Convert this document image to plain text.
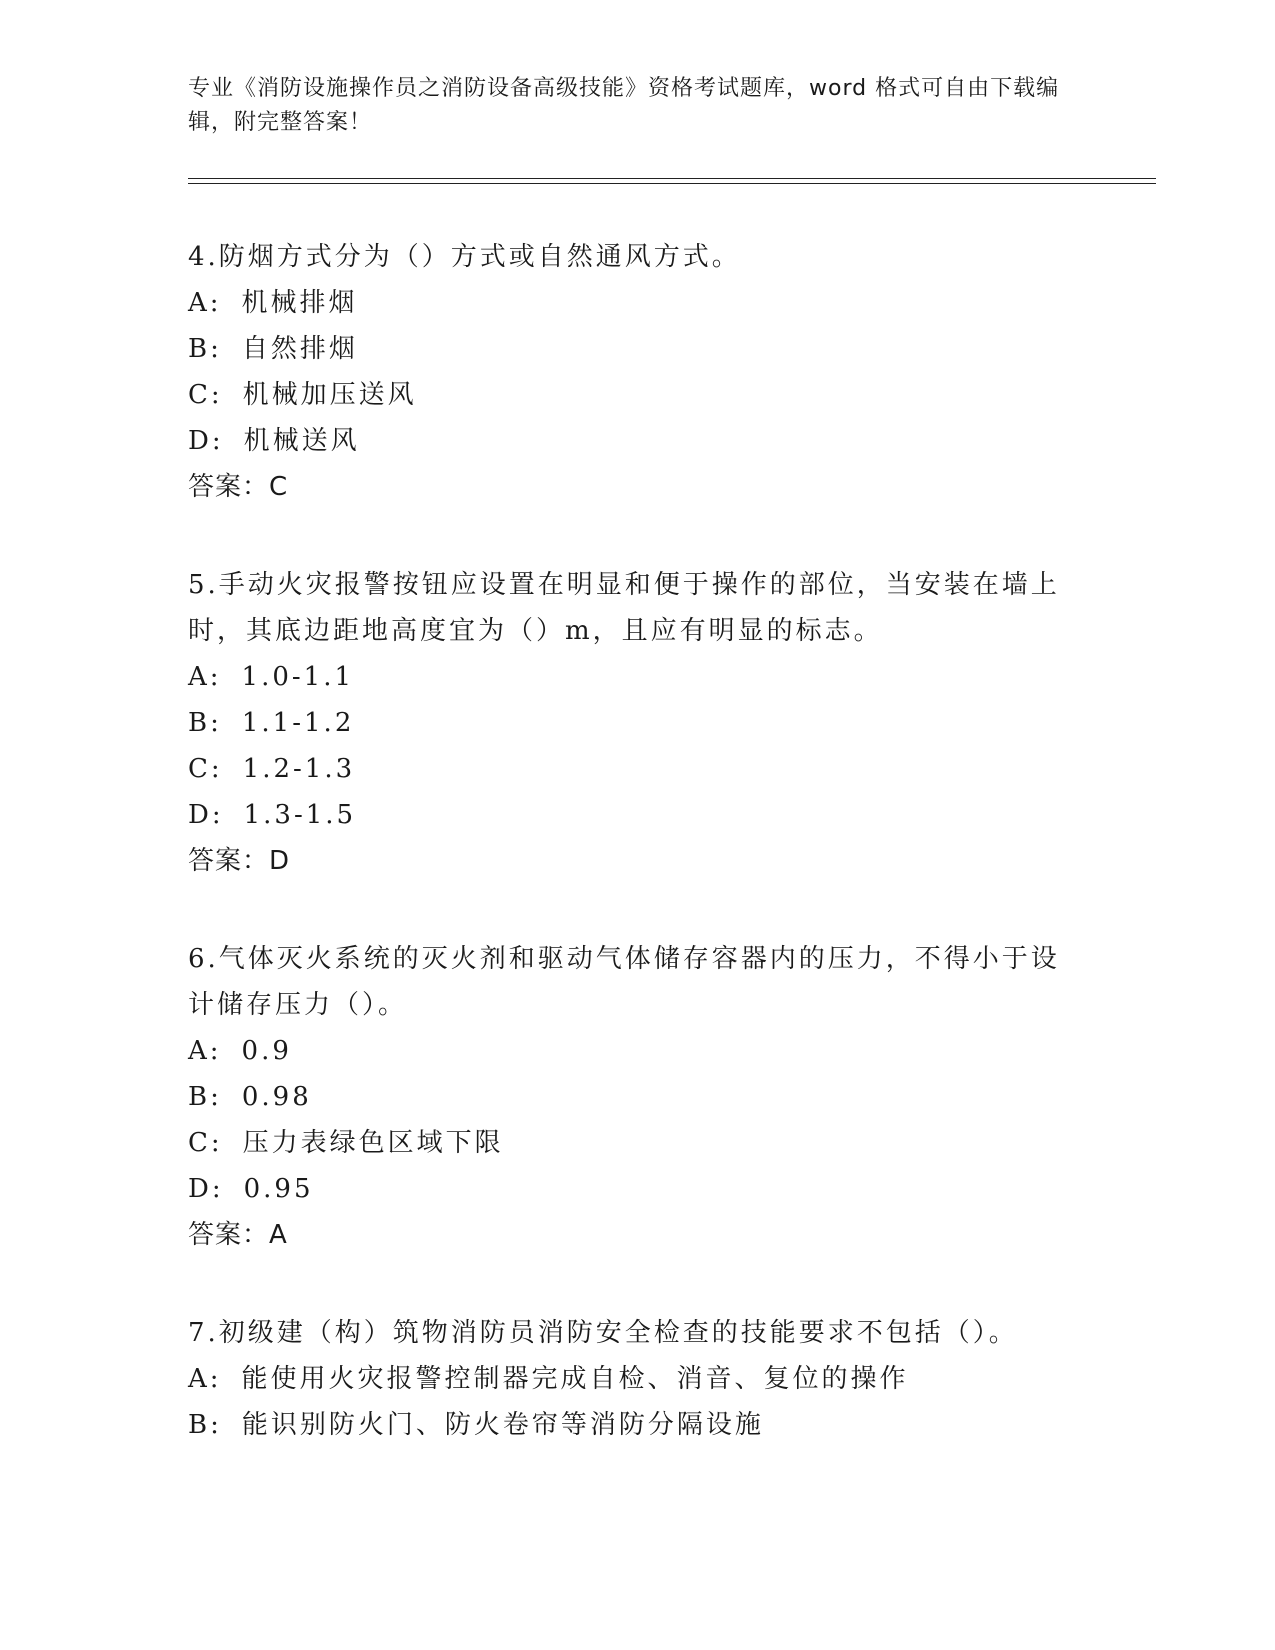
专业《消防设施操作员之消防设备高级技能》资格考试题库，word 格式可自由下载编辑，附完整答案！

4.防烟方式分为（）方式或自然通风方式。

A: 机械排烟

B: 自然排烟

C: 机械加压送风

D: 机械送风

答案：C

5.手动火灾报警按钮应设置在明显和便于操作的部位，当安装在墙上时，其底边距地高度宜为（）m，且应有明显的标志。

A: 1.0-1.1

B: 1.1-1.2

C: 1.2-1.3

D: 1.3-1.5

答案：D

6.气体灭火系统的灭火剂和驱动气体储存容器内的压力，不得小于设计储存压力（）。

A: 0.9

B: 0.98

C: 压力表绿色区域下限

D: 0.95

答案：A

7.初级建（构）筑物消防员消防安全检查的技能要求不包括（）。

A: 能使用火灾报警控制器完成自检、消音、复位的操作

B: 能识别防火门、防火卷帘等消防分隔设施
